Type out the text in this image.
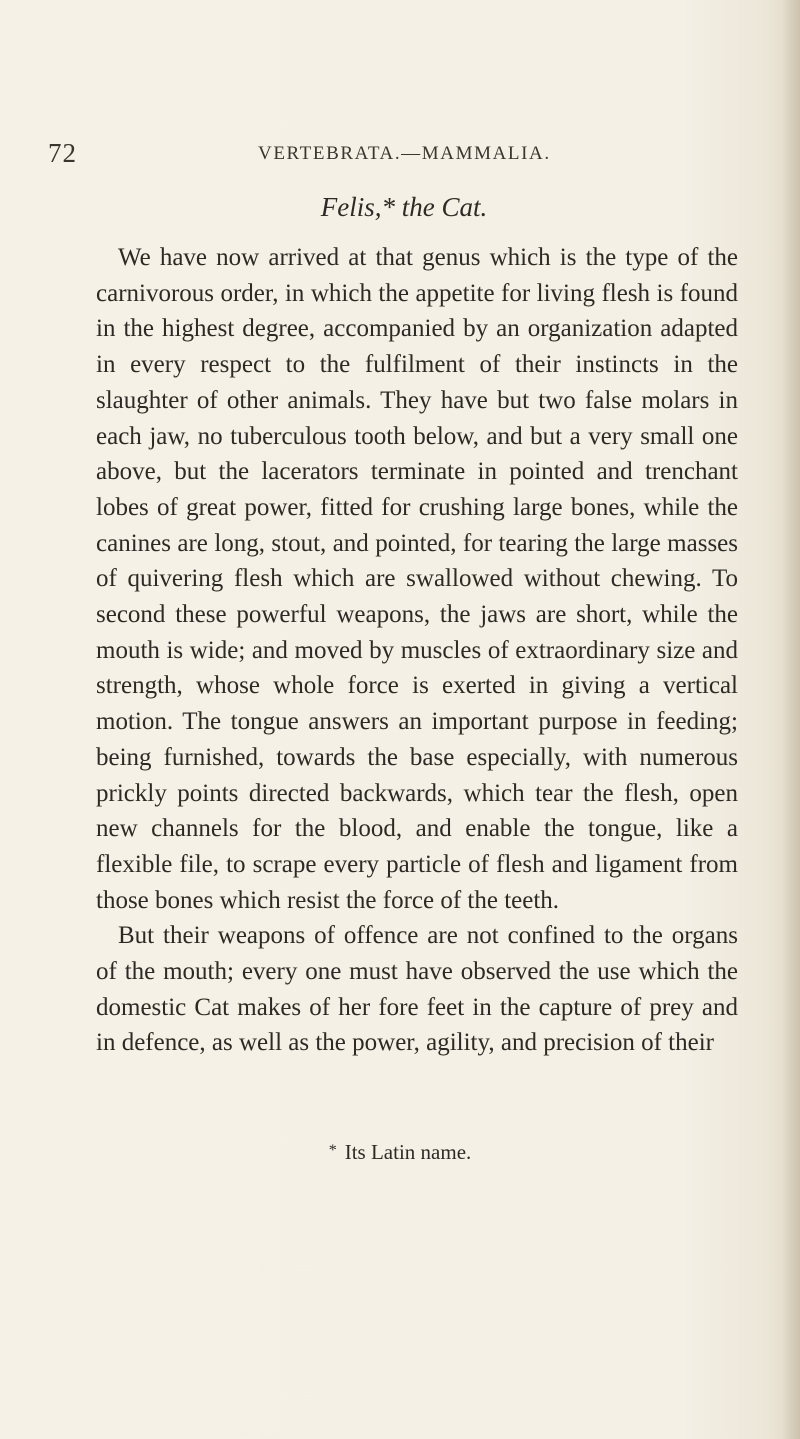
72	VERTEBRATA.—MAMMALIA.
Felis,* the Cat.

We have now arrived at that genus which is the type of the carnivorous order, in which the appetite for living flesh is found in the highest degree, accompanied by an organization adapted in every respect to the fulfilment of their instincts in the slaughter of other animals. They have but two false molars in each jaw, no tuberculous tooth below, and but a very small one above, but the lacerators terminate in pointed and trenchant lobes of great power, fitted for crushing large bones, while the canines are long, stout, and pointed, for tearing the large masses of quivering flesh which are swallowed without chewing. To second these powerful weapons, the jaws are short, while the mouth is wide; and moved by muscles of extraordinary size and strength, whose whole force is exerted in giving a vertical motion. The tongue answers an important purpose in feeding; being furnished, towards the base especially, with numerous prickly points directed backwards, which tear the flesh, open new channels for the blood, and enable the tongue, like a flexible file, to scrape every particle of flesh and ligament from those bones which resist the force of the teeth.

But their weapons of offence are not confined to the organs of the mouth; every one must have observed the use which the domestic Cat makes of her fore feet in the capture of prey and in defence, as well as the power, agility, and precision of their

* Its Latin name.
